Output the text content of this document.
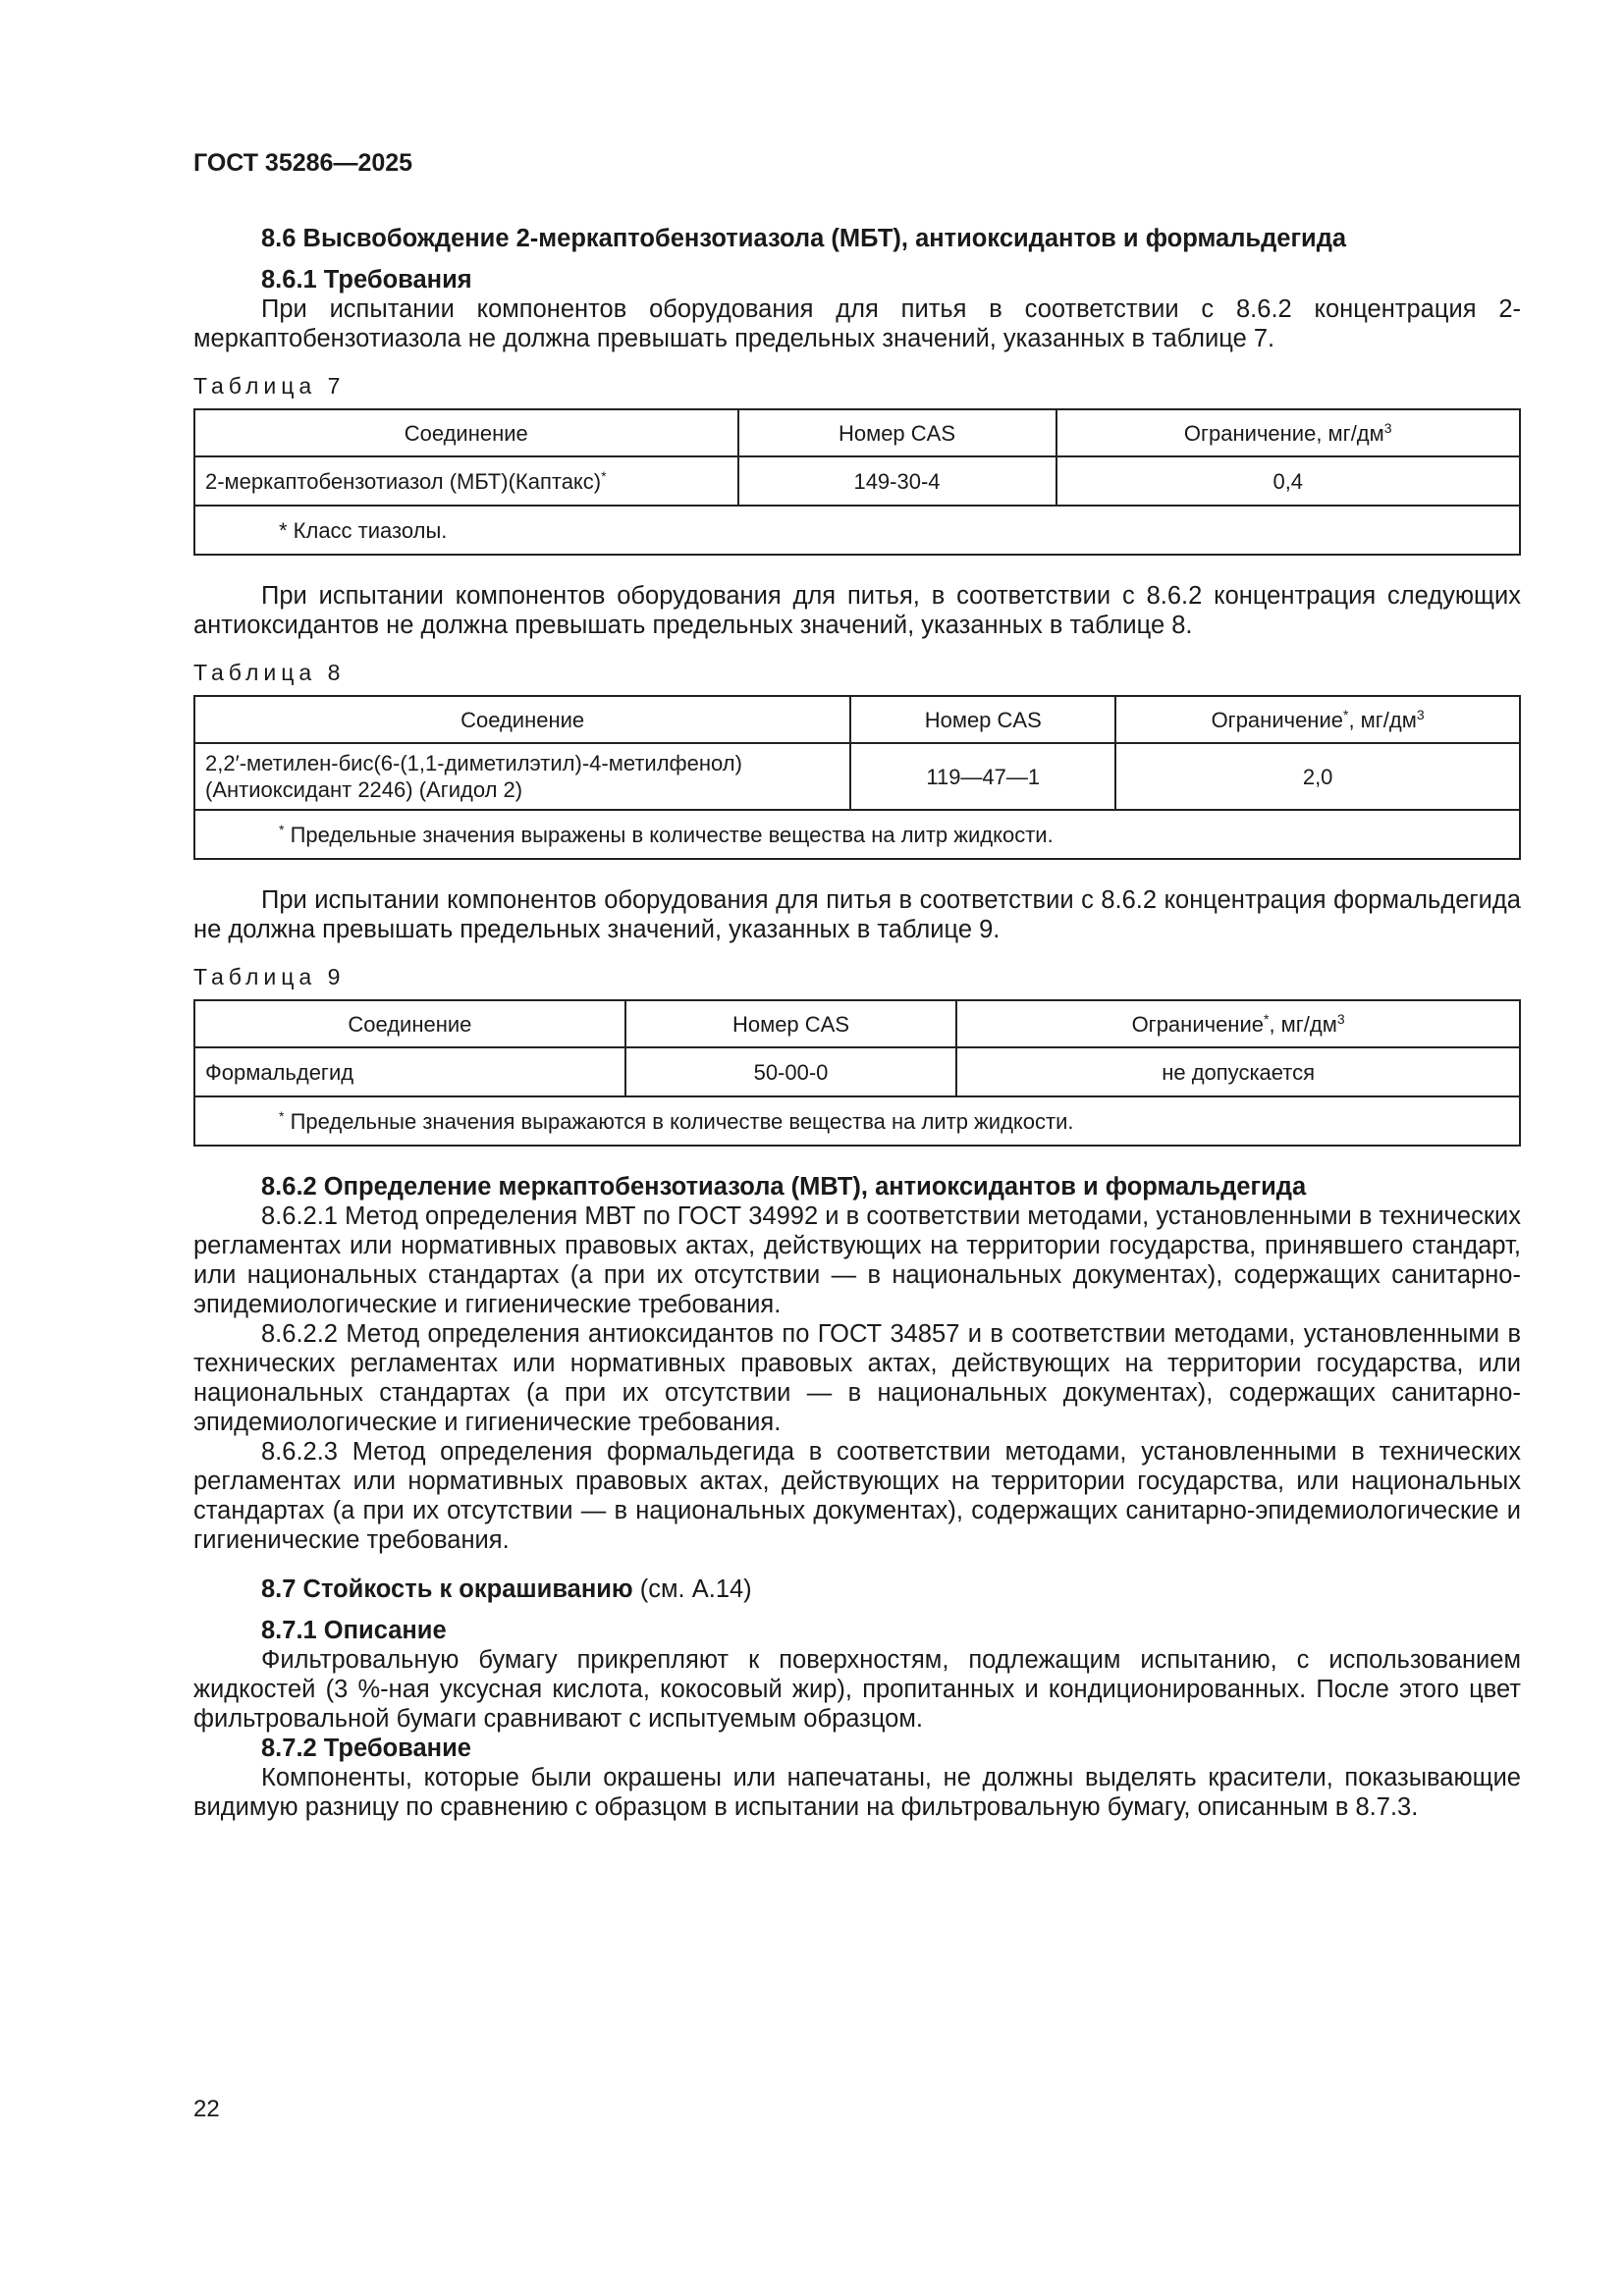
ГОСТ 35286—2025
8.6 Высвобождение 2-меркаптобензотиазола (МБТ), антиоксидантов и формальдегида
8.6.1 Требования

При испытании компонентов оборудования для питья в соответствии с 8.6.2 концентрация 2-меркаптобензотиазола не должна превышать предельных значений, указанных в таблице 7.

Таблица 7
Соединение	Номер CAS	Ограничение, $мг/дм^3$
2-меркаптобензотиазол (МБТ)(Каптакс)*	149-30-4	0,4
* Класс тиазолы.		

При испытании компонентов оборудования для питья, в соответствии с 8.6.2 концентрация следующих антиоксидантов не должна превышать предельных значений, указанных в таблице 8.

Таблица 8
Соединение	Номер CAS	Ограничение*, $мг/дм^3$

2,2′-метилен-бис(6-(1,1-диметилэтил)-4-метилфенол)
(Антиоксидант 2246) (Агидол 2)	119—47—1	2,0
* Предельные значения выражены в количестве вещества на литр жидкости.		

При испытании компонентов оборудования для питья в соответствии с 8.6.2 концентрация формальдегида не должна превышать предельных значений, указанных в таблице 9.

Таблица 9
Соединение	Номер CAS	Ограничение*, $мг/дм^3$
Формальдегид	50-00-0	не допускается
* Предельные значения выражаются в количестве вещества на литр жидкости.		
8.6.2 Определение меркаптобензотиазола (МВТ), антиоксидантов и формальдегида

8.6.2.1 Метод определения МВТ по ГОСТ 34992 и в соответствии методами, установленными в технических регламентах или нормативных правовых актах, действующих на территории государства, принявшего стандарт, или национальных стандартах (а при их отсутствии — в национальных документах), содержащих санитарно-эпидемиологические и гигиенические требования.

8.6.2.2 Метод определения антиоксидантов по ГОСТ 34857 и в соответствии методами, установленными в технических регламентах или нормативных правовых актах, действующих на территории государства, или национальных стандартах (а при их отсутствии — в национальных документах), содержащих санитарно-эпидемиологические и гигиенические требования.

8.6.2.3 Метод определения формальдегида в соответствии методами, установленными в технических регламентах или нормативных правовых актах, действующих на территории государства, или национальных стандартах (а при их отсутствии — в национальных документах), содержащих санитарно-эпидемиологические и гигиенические требования.

8.7 Стойкость к окрашиванию (см. А.14)
8.7.1 Описание

Фильтровальную бумагу прикрепляют к поверхностям, подлежащим испытанию, с использованием жидкостей (3 %-ная уксусная кислота, кокосовый жир), пропитанных и кондиционированных. После этого цвет фильтровальной бумаги сравнивают с испытуемым образцом.

8.7.2 Требование

Компоненты, которые были окрашены или напечатаны, не должны выделять красители, показывающие видимую разницу по сравнению с образцом в испытании на фильтровальную бумагу, описанным в 8.7.3.

22
